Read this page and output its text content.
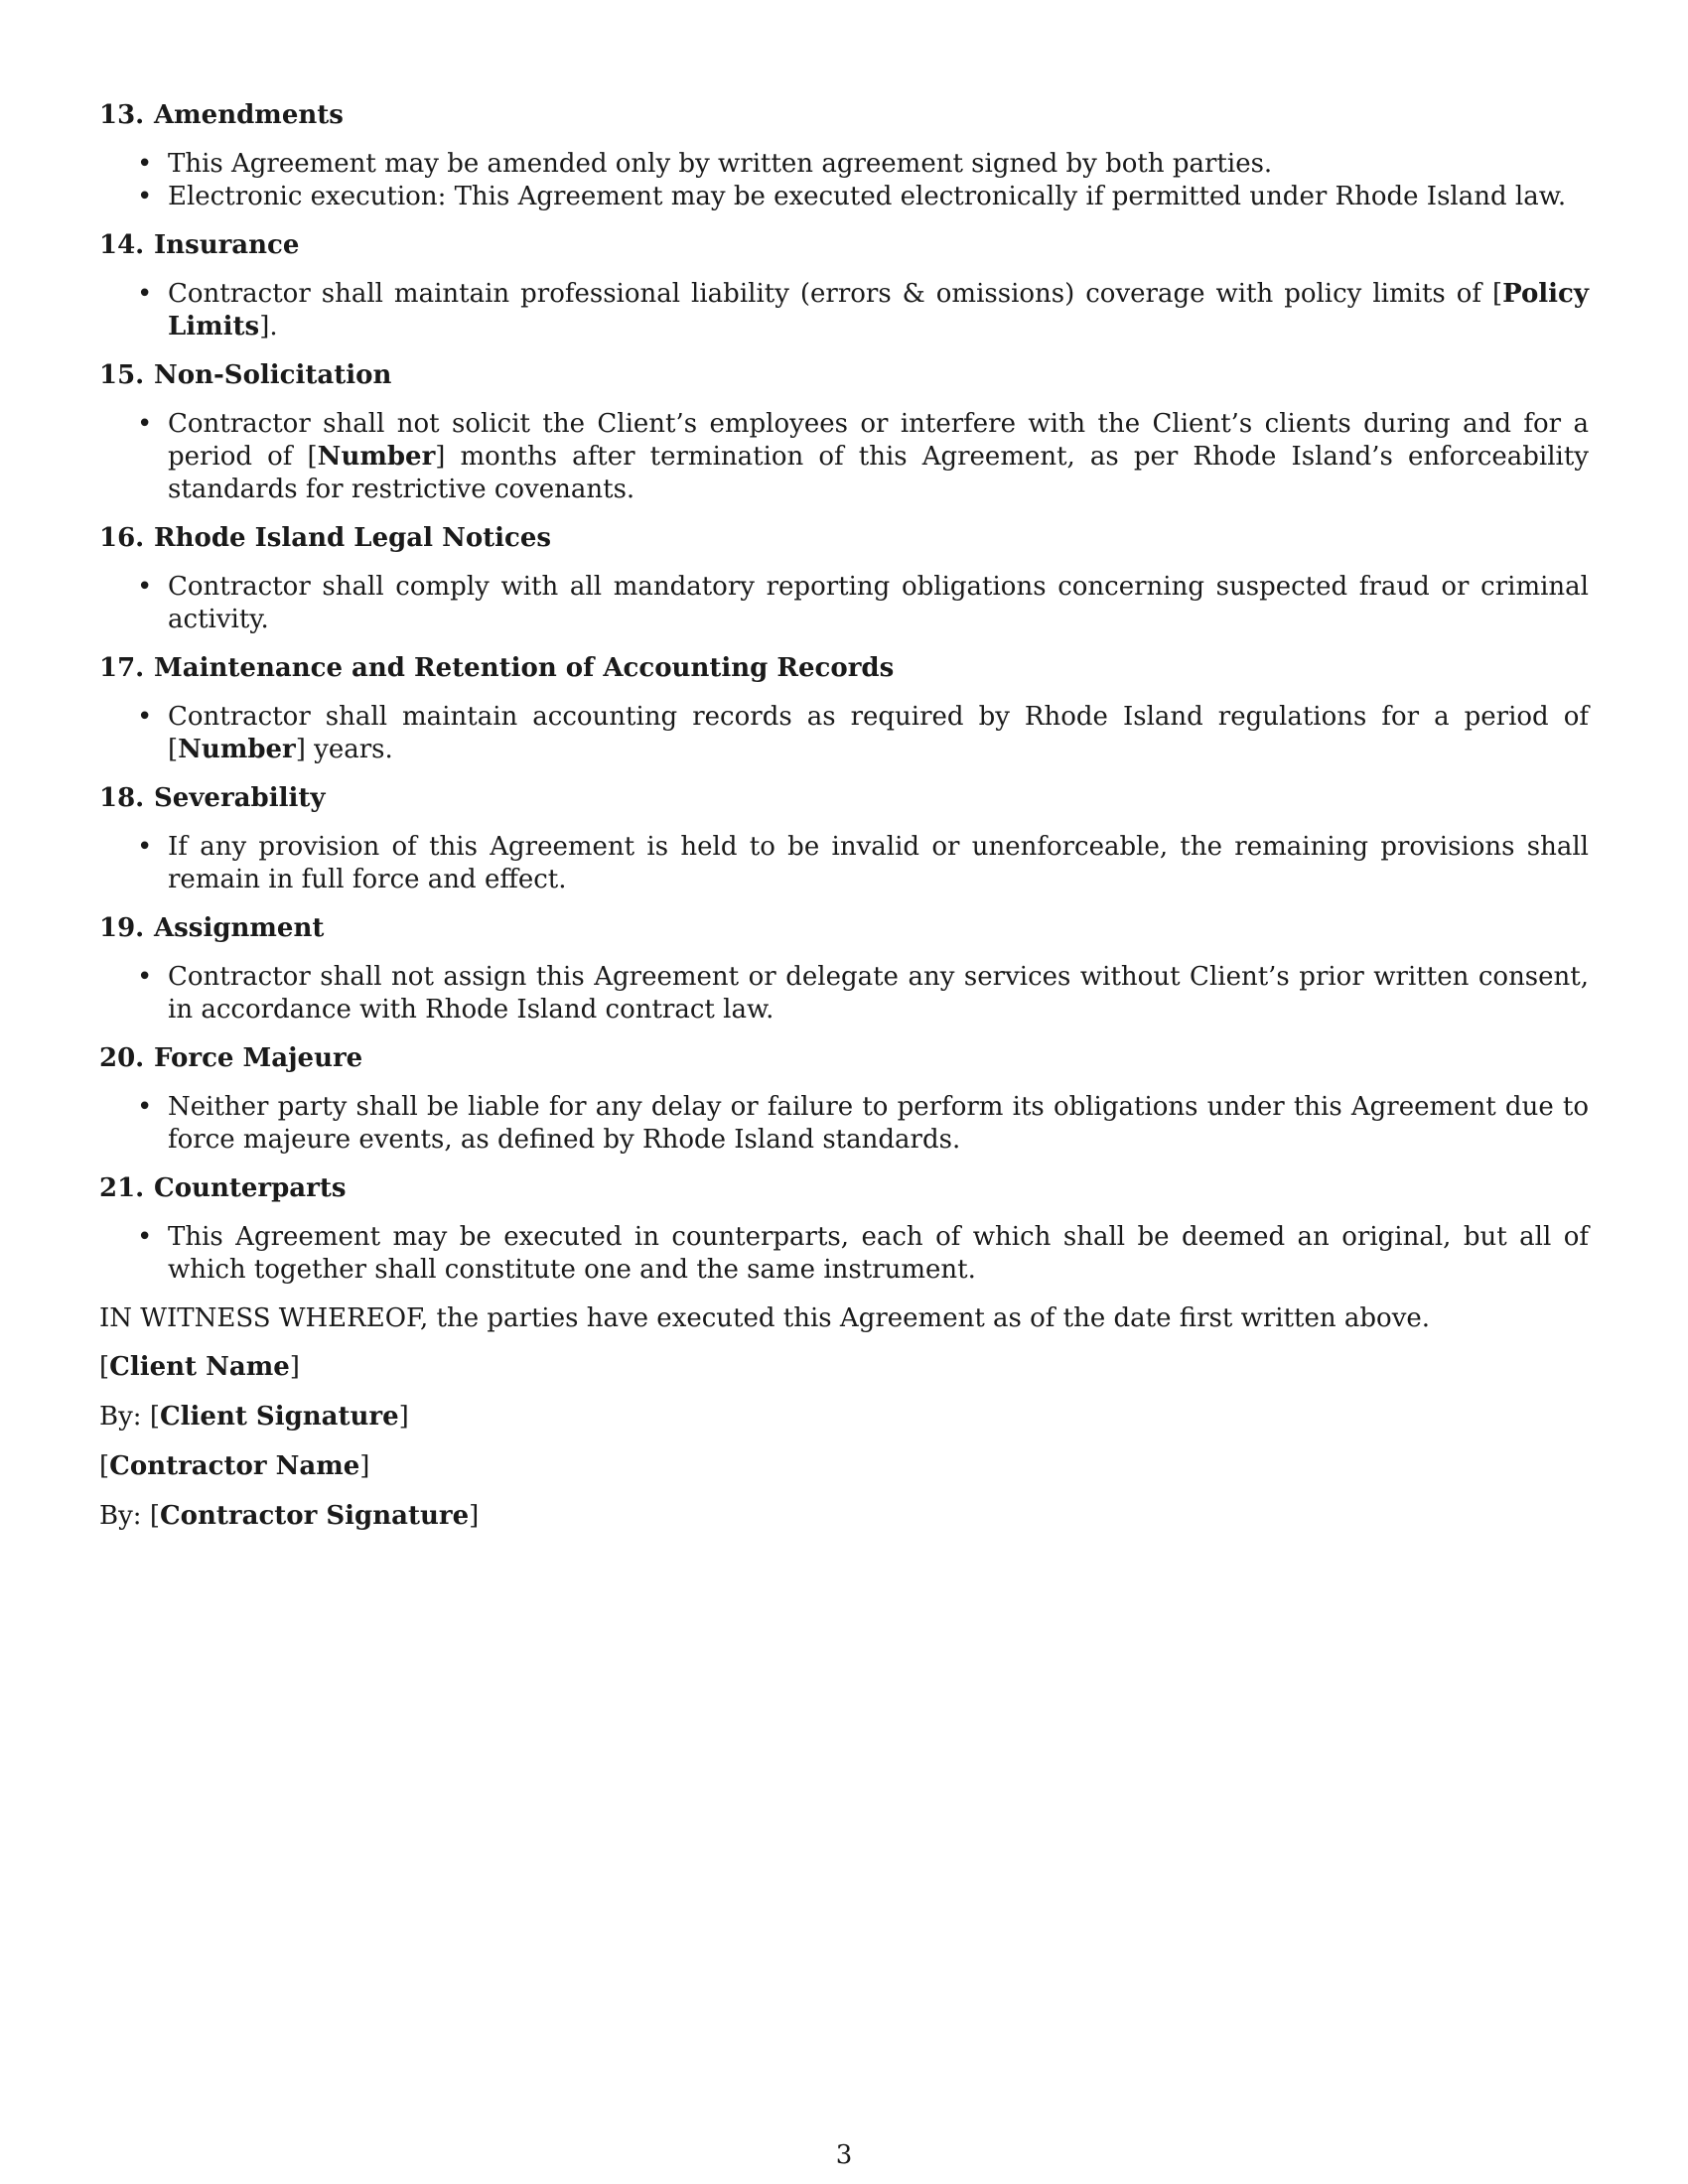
13. Amendments
• This Agreement may be amended only by written agreement signed by both parties.
• Electronic execution: This Agreement may be executed electronically if permitted under Rhode Island law.
14. Insurance
• Contractor shall maintain professional liability (errors & omissions) coverage with policy limits of [Policy Limits].
15. Non-Solicitation
• Contractor shall not solicit the Client’s employees or interfere with the Client’s clients during and for a period of [Number] months after termination of this Agreement, as per Rhode Island’s enforceability standards for restrictive covenants.
16. Rhode Island Legal Notices
• Contractor shall comply with all mandatory reporting obligations concerning suspected fraud or criminal activity.
17. Maintenance and Retention of Accounting Records
• Contractor shall maintain accounting records as required by Rhode Island regulations for a period of [Number] years.
18. Severability
• If any provision of this Agreement is held to be invalid or unenforceable, the remaining provisions shall remain in full force and effect.
19. Assignment
• Contractor shall not assign this Agreement or delegate any services without Client’s prior written consent, in accordance with Rhode Island contract law.
20. Force Majeure
• Neither party shall be liable for any delay or failure to perform its obligations under this Agreement due to force majeure events, as defined by Rhode Island standards.
21. Counterparts
• This Agreement may be executed in counterparts, each of which shall be deemed an original, but all of which together shall constitute one and the same instrument.
IN WITNESS WHEREOF, the parties have executed this Agreement as of the date first written above.
[Client Name]
By: [Client Signature]
[Contractor Name]
By: [Contractor Signature]
3
